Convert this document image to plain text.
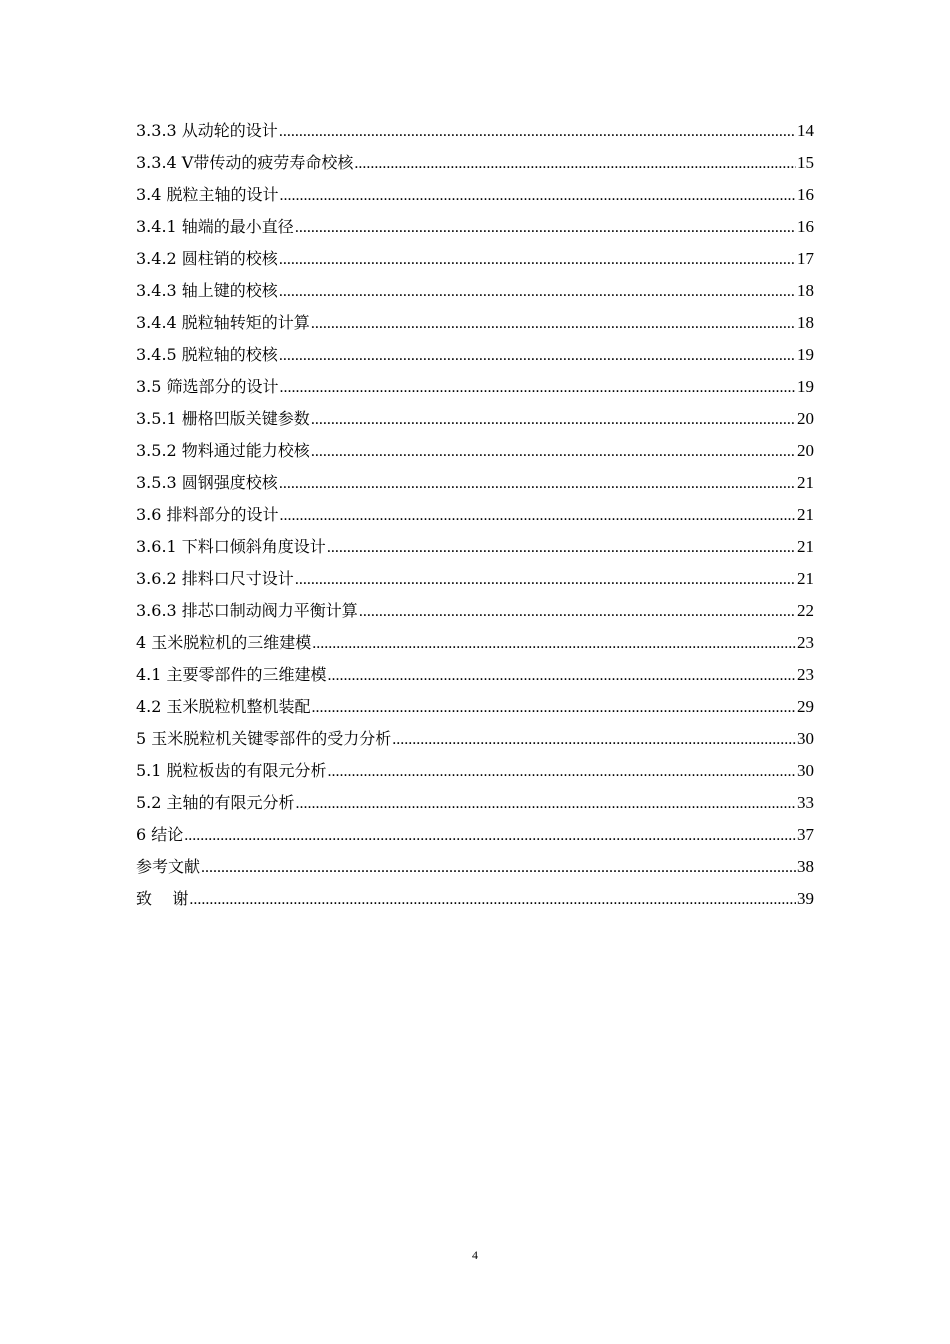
3.3.3 从动轮的设计 .....	14
3.3.4 V带传动的疲劳寿命校核 .....	15
3.4 脱粒主轴的设计 .....	16
3.4.1 轴端的最小直径 .....	16
3.4.2 圆柱销的校核 .....	17
3.4.3 轴上键的校核 .....	18
3.4.4 脱粒轴转矩的计算 .....	18
3.4.5 脱粒轴的校核 .....	19
3.5 筛选部分的设计 .....	19
3.5.1 栅格凹版关键参数 .....	20
3.5.2 物料通过能力校核 .....	20
3.5.3 圆钢强度校核 .....	21
3.6 排料部分的设计 .....	21
3.6.1 下料口倾斜角度设计 .....	21
3.6.2 排料口尺寸设计 .....	21
3.6.3 排芯口制动阀力平衡计算 .....	22
4 玉米脱粒机的三维建模 .....	23
4.1 主要零部件的三维建模 .....	23
4.2 玉米脱粒机整机装配 .....	29
5 玉米脱粒机关键零部件的受力分析 .....	30
5.1 脱粒板齿的有限元分析 .....	30
5.2 主轴的有限元分析 .....	33
6 结论 .....	37
参考文献 .....	38
致    谢 .....	39
4
